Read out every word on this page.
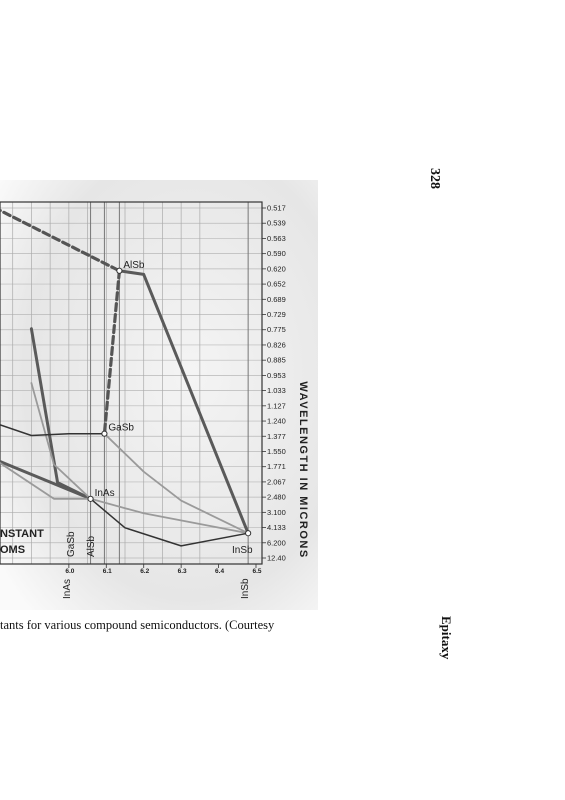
328
AlSb
GaSb
InAs
0.517
0.539
0.563
0.590
0.620
0.652
0.689
0.729
0.775
0.826
0.885
0.953
1.033
1.127
1.240
1.377
1.550
1.771
2.067
2.480
3.100
4.133
6.200
12.40 WAVELENGTH IN MICRONS
6.0	6.1	6.2	6.3	6.4	6.5
NSTANT
OMS	GaSb AlSb	InSb
InAs	InSb
tants for various compound semiconductors. (Courtesy	Epitaxy
